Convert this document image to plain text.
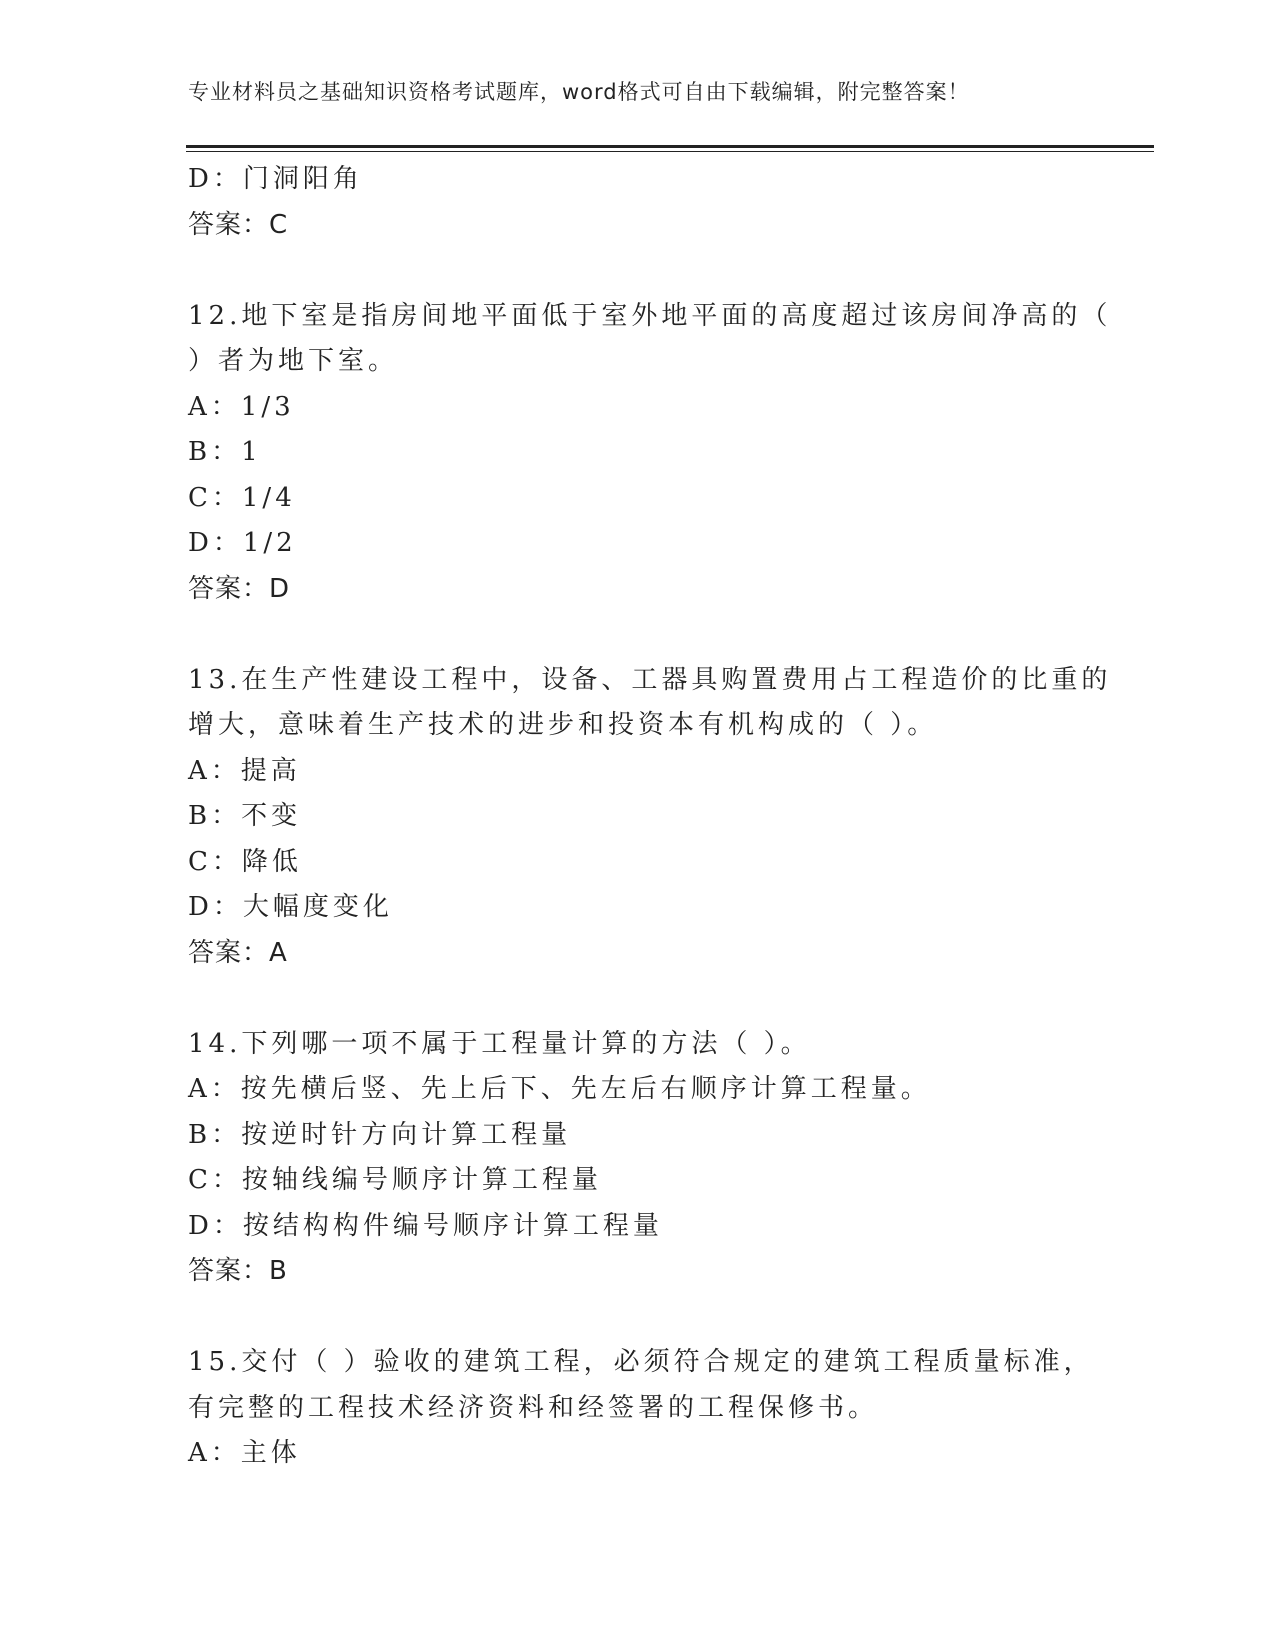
专业材料员之基础知识资格考试题库，word格式可自由下载编辑，附完整答案！
D：门洞阳角
答案：C
12.地下室是指房间地平面低于室外地平面的高度超过该房间净高的（
）者为地下室。
A：1/3
B：1
C：1/4
D：1/2
答案：D
13.在生产性建设工程中，设备、工器具购置费用占工程造价的比重的
增大，意味着生产技术的进步和投资本有机构成的（ ）。
A：提高
B：不变
C：降低
D：大幅度变化
答案：A
14.下列哪一项不属于工程量计算的方法（ ）。
A：按先横后竖、先上后下、先左后右顺序计算工程量。
B：按逆时针方向计算工程量
C：按轴线编号顺序计算工程量
D：按结构构件编号顺序计算工程量
答案：B
15.交付（ ）验收的建筑工程，必须符合规定的建筑工程质量标准，
有完整的工程技术经济资料和经签署的工程保修书。
A：主体
